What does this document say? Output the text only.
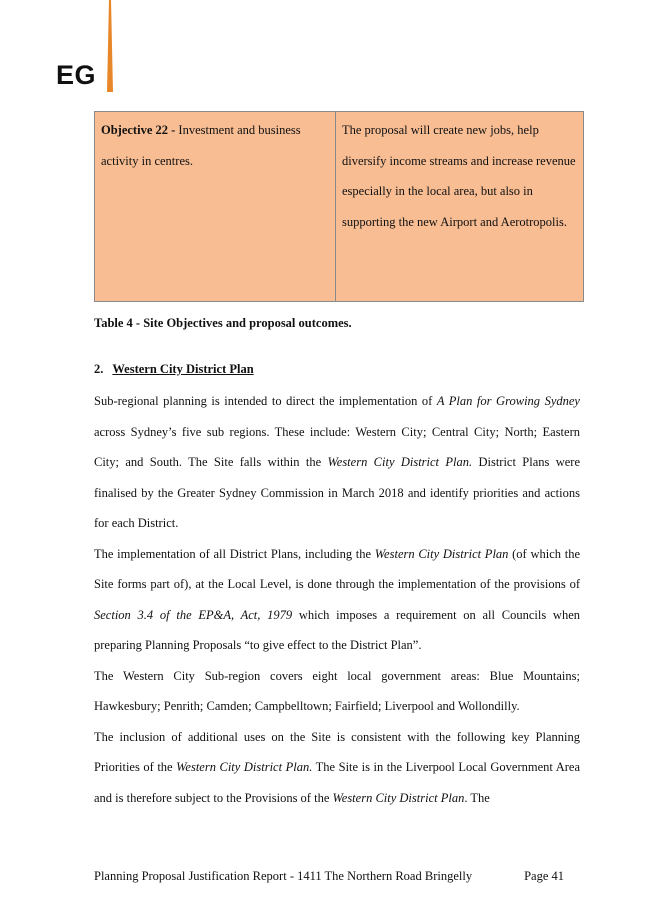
EG

Objective 22 - Investment and business activity in centres.

The proposal will create new jobs, help diversify income streams and increase revenue especially in the local area, but also in supporting the new Airport and Aerotropolis.

Table 4 - Site Objectives and proposal outcomes.

2. Western City District Plan

Sub-regional planning is intended to direct the implementation of A Plan for Growing Sydney across Sydney’s five sub regions. These include: Western City; Central City; North; Eastern City; and South. The Site falls within the Western City District Plan. District Plans were finalised by the Greater Sydney Commission in March 2018 and identify priorities and actions for each District.

The implementation of all District Plans, including the Western City District Plan (of which the Site forms part of), at the Local Level, is done through the implementation of the provisions of Section 3.4 of the EP&A, Act, 1979 which imposes a requirement on all Councils when preparing Planning Proposals “to give effect to the District Plan”.

The Western City Sub-region covers eight local government areas: Blue Mountains; Hawkesbury; Penrith; Camden; Campbelltown; Fairfield; Liverpool and Wollondilly.

The inclusion of additional uses on the Site is consistent with the following key Planning Priorities of the Western City District Plan. The Site is in the Liverpool Local Government Area and is therefore subject to the Provisions of the Western City District Plan. The

Planning Proposal Justification Report - 1411 The Northern Road Bringelly	Page 41
